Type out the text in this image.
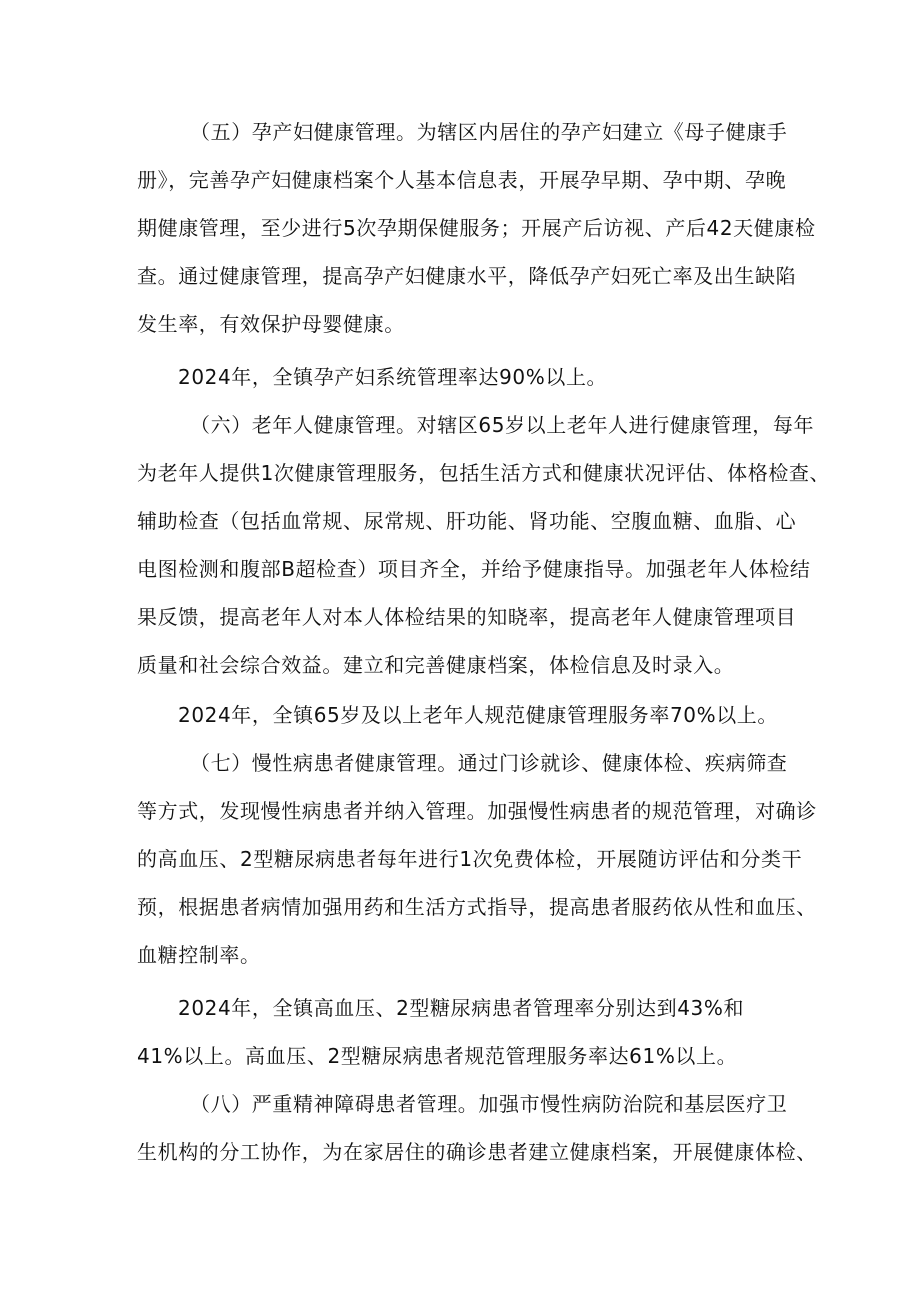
（五）孕产妇健康管理。为辖区内居住的孕产妇建立《母子健康手
册》，完善孕产妇健康档案个人基本信息表，开展孕早期、孕中期、孕晚
期健康管理，至少进行5次孕期保健服务；开展产后访视、产后42天健康检
查。通过健康管理，提高孕产妇健康水平，降低孕产妇死亡率及出生缺陷
发生率，有效保护母婴健康。
2024年，全镇孕产妇系统管理率达90%以上。
（六）老年人健康管理。对辖区65岁以上老年人进行健康管理，每年
为老年人提供1次健康管理服务，包括生活方式和健康状况评估、体格检查、
辅助检查（包括血常规、尿常规、肝功能、肾功能、空腹血糖、血脂、心
电图检测和腹部B超检查）项目齐全，并给予健康指导。加强老年人体检结
果反馈，提高老年人对本人体检结果的知晓率，提高老年人健康管理项目
质量和社会综合效益。建立和完善健康档案，体检信息及时录入。
2024年，全镇65岁及以上老年人规范健康管理服务率70%以上。
（七）慢性病患者健康管理。通过门诊就诊、健康体检、疾病筛查
等方式，发现慢性病患者并纳入管理。加强慢性病患者的规范管理，对确诊
的高血压、2型糖尿病患者每年进行1次免费体检，开展随访评估和分类干
预，根据患者病情加强用药和生活方式指导，提高患者服药依从性和血压、
血糖控制率。
2024年，全镇高血压、2型糖尿病患者管理率分别达到43%和
41%以上。高血压、2型糖尿病患者规范管理服务率达61%以上。
（八）严重精神障碍患者管理。加强市慢性病防治院和基层医疗卫
生机构的分工协作，为在家居住的确诊患者建立健康档案，开展健康体检、
